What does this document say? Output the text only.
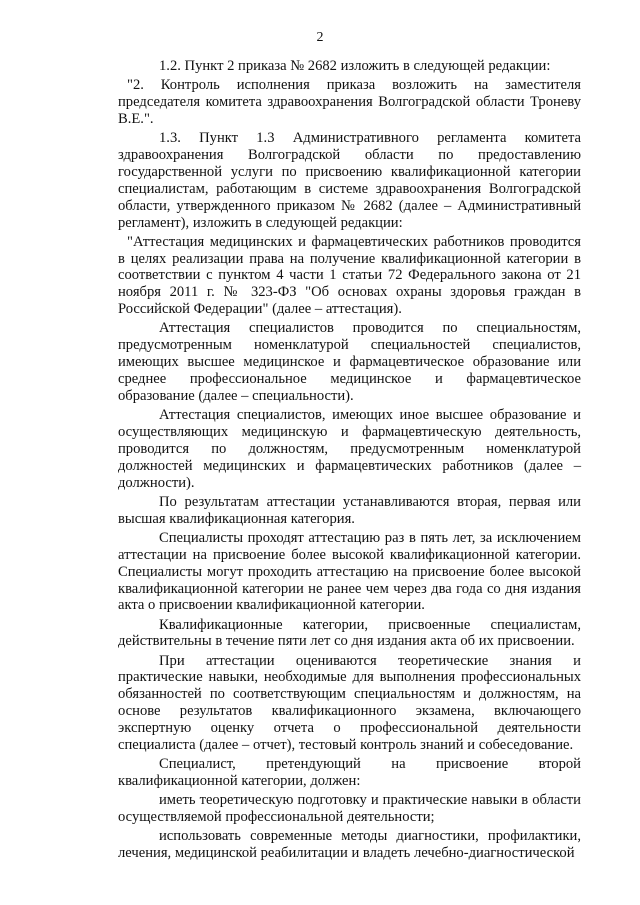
2

1.2. Пункт 2 приказа № 2682 изложить в следующей редакции:

"2. Контроль исполнения приказа возложить на заместителя председателя комитета здравоохранения Волгоградской области Троневу В.Е.".

1.3. Пункт 1.3 Административного регламента комитета здравоохранения Волгоградской области по предоставлению государственной услуги по присвоению квалификационной категории специалистам, работающим в системе здравоохранения Волгоградской области, утвержденного приказом № 2682 (далее – Административный регламент), изложить в следующей редакции:

"Аттестация медицинских и фармацевтических работников проводится в целях реализации права на получение квалификационной категории в соответствии с пунктом 4 части 1 статьи 72 Федерального закона от 21 ноября 2011 г. № 323-ФЗ "Об основах охраны здоровья граждан в Российской Федерации" (далее – аттестация).

Аттестация специалистов проводится по специальностям, предусмотренным номенклатурой специальностей специалистов, имеющих высшее медицинское и фармацевтическое образование или среднее профессиональное медицинское и фармацевтическое образование (далее – специальности).

Аттестация специалистов, имеющих иное высшее образование и осуществляющих медицинскую и фармацевтическую деятельность, проводится по должностям, предусмотренным номенклатурой должностей медицинских и фармацевтических работников (далее – должности).

По результатам аттестации устанавливаются вторая, первая или высшая квалификационная категория.

Специалисты проходят аттестацию раз в пять лет, за исключением аттестации на присвоение более высокой квалификационной категории. Специалисты могут проходить аттестацию на присвоение более высокой квалификационной категории не ранее чем через два года со дня издания акта о присвоении квалификационной категории.

Квалификационные категории, присвоенные специалистам, действительны в течение пяти лет со дня издания акта об их присвоении.

При аттестации оцениваются теоретические знания и практические навыки, необходимые для выполнения профессиональных обязанностей по соответствующим специальностям и должностям, на основе результатов квалификационного экзамена, включающего экспертную оценку отчета о профессиональной деятельности специалиста (далее – отчет), тестовый контроль знаний и собеседование.

Специалист, претендующий на присвоение второй квалификационной категории, должен:

иметь теоретическую подготовку и практические навыки в области осуществляемой профессиональной деятельности;

использовать современные методы диагностики, профилактики, лечения, медицинской реабилитации и владеть лечебно-диагностической
